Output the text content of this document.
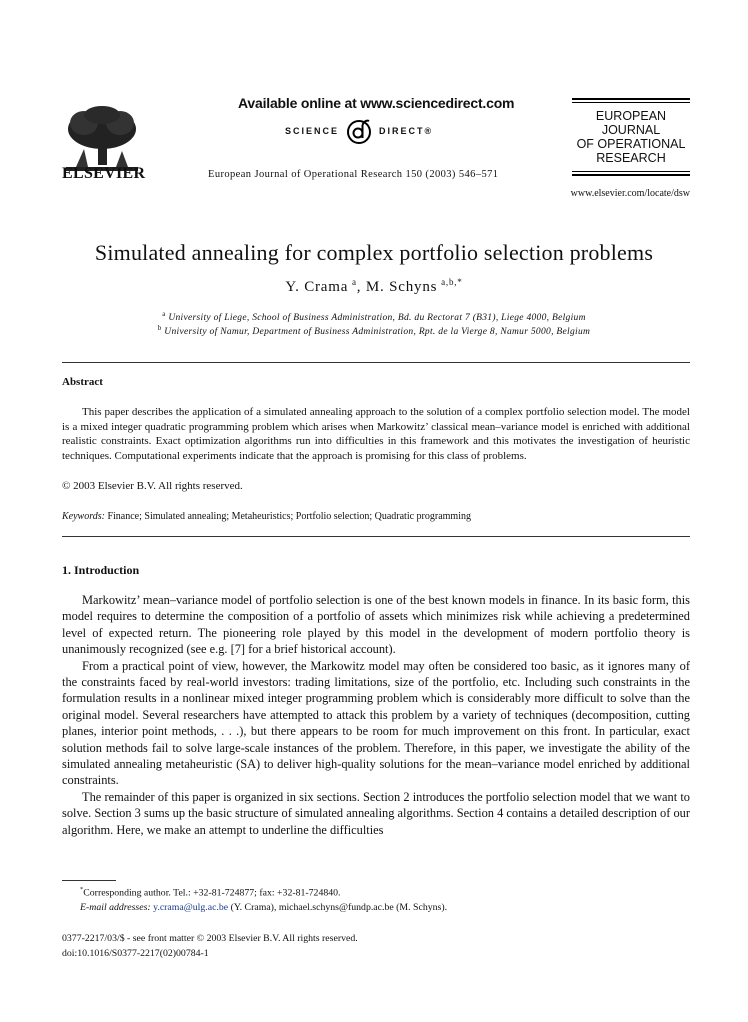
ELSEVIER
Available online at www.sciencedirect.com
SCIENCE	DIRECT®
European Journal of Operational Research 150 (2003) 546–571
EUROPEAN
JOURNAL
OF OPERATIONAL
RESEARCH
www.elsevier.com/locate/dsw
Simulated annealing for complex portfolio selection problems
Y. Crama  $^a$, M. Schyns  $^{a,b,*}$
$^a$ University of Liege, School of Business Administration, Bd. du Rectorat 7 (B31), Liege 4000, Belgium
$^b$ University of Namur, Department of Business Administration, Rpt. de la Vierge 8, Namur 5000, Belgium
Abstract

This paper describes the application of a simulated annealing approach to the solution of a complex portfolio selection model. The model is a mixed integer quadratic programming problem which arises when Markowitz’ classical mean–variance model is enriched with additional realistic constraints. Exact optimization algorithms run into difficulties in this framework and this motivates the investigation of heuristic techniques. Computational experiments indicate that the approach is promising for this class of problems.

© 2003 Elsevier B.V. All rights reserved.
Keywords: Finance; Simulated annealing; Metaheuristics; Portfolio selection; Quadratic programming
1. Introduction

Markowitz’ mean–variance model of portfolio selection is one of the best known models in finance. In its basic form, this model requires to determine the composition of a portfolio of assets which minimizes risk while achieving a predetermined level of expected return. The pioneering role played by this model in the development of modern portfolio theory is unanimously recognized (see e.g. [7] for a brief historical account).

From a practical point of view, however, the Markowitz model may often be considered too basic, as it ignores many of the constraints faced by real-world investors: trading limitations, size of the portfolio, etc. Including such constraints in the formulation results in a nonlinear mixed integer programming problem which is considerably more difficult to solve than the original model. Several researchers have attempted to attack this problem by a variety of techniques (decomposition, cutting planes, interior point methods, . . .), but there appears to be room for much improvement on this front. In particular, exact solution methods fail to solve large-scale instances of the problem. Therefore, in this paper, we investigate the ability of the simulated annealing metaheuristic (SA) to deliver high-quality solutions for the mean–variance model enriched by additional constraints.

The remainder of this paper is organized in six sections. Section 2 introduces the portfolio selection model that we want to solve. Section 3 sums up the basic structure of simulated annealing algorithms. Section 4 contains a detailed description of our algorithm. Here, we make an attempt to underline the difficulties

*Corresponding author. Tel.: +32-81-724877; fax: +32-81-724840.
E-mail addresses: y.crama@ulg.ac.be (Y. Crama), michael.schyns@fundp.ac.be (M. Schyns).
0377-2217/03/$ - see front matter © 2003 Elsevier B.V. All rights reserved.
doi:10.1016/S0377-2217(02)00784-1
